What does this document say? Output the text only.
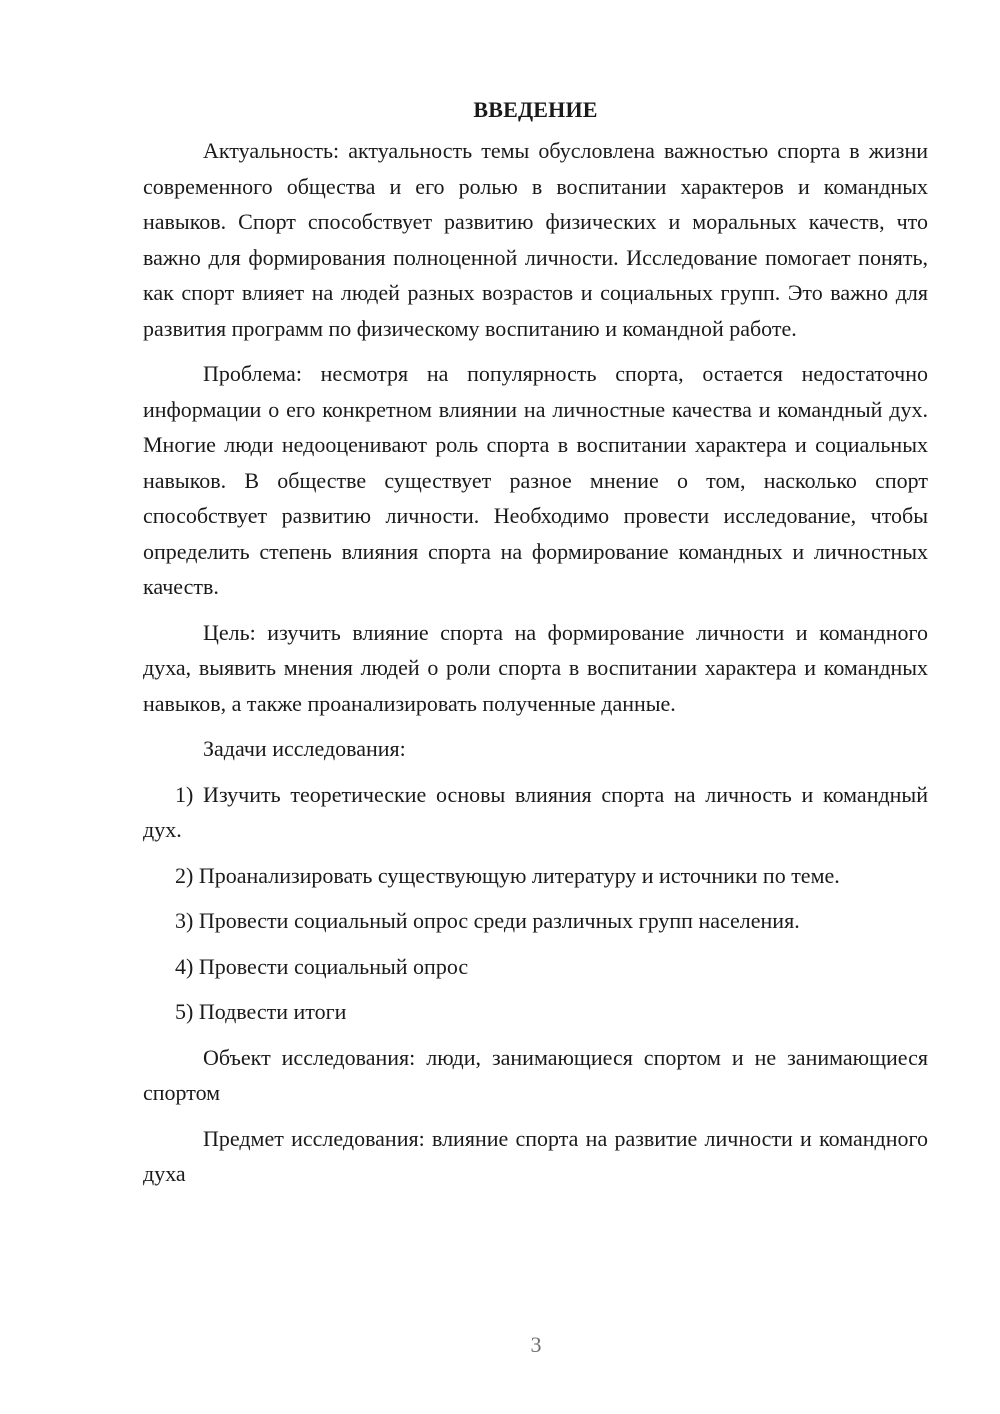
ВВЕДЕНИЕ

Актуальность: актуальность темы обусловлена важностью спорта в жизни современного общества и его ролью в воспитании характеров и командных навыков. Спорт способствует развитию физических и моральных качеств, что важно для формирования полноценной личности. Исследование помогает понять, как спорт влияет на людей разных возрастов и социальных групп. Это важно для развития программ по физическому воспитанию и командной работе.

Проблема: несмотря на популярность спорта, остается недостаточно информации о его конкретном влиянии на личностные качества и командный дух. Многие люди недооценивают роль спорта в воспитании характера и социальных навыков. В обществе существует разное мнение о том, насколько спорт способствует развитию личности. Необходимо провести исследование, чтобы определить степень влияния спорта на формирование командных и личностных качеств.

Цель: изучить влияние спорта на формирование личности и командного духа, выявить мнения людей о роли спорта в воспитании характера и командных навыков, а также проанализировать полученные данные.

Задачи исследования:

1) Изучить теоретические основы влияния спорта на личность и командный дух.

2) Проанализировать существующую литературу и источники по теме.

3) Провести социальный опрос среди различных групп населения.

4) Провести социальный опрос

5) Подвести итоги

Объект исследования: люди, занимающиеся спортом и не занимающиеся спортом

Предмет исследования: влияние спорта на развитие личности и командного духа

3
